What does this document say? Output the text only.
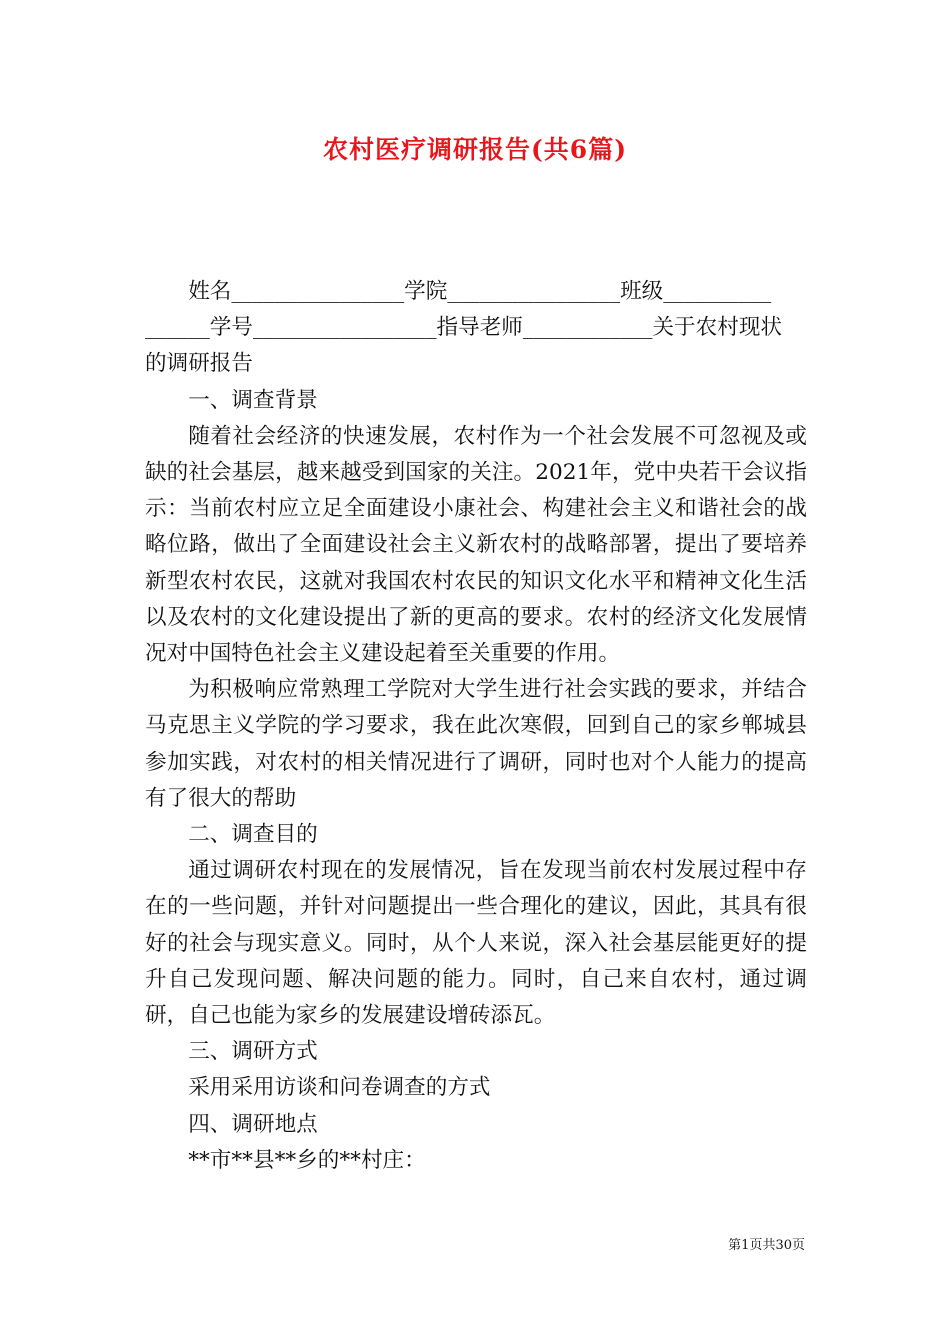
农村医疗调研报告(共6篇)

姓名________________学院________________班级__________

______学号_________________指导老师____________关于农村现状

的调研报告

一、调查背景

随着社会经济的快速发展，农村作为一个社会发展不可忽视及或缺的社会基层，越来越受到国家的关注。2021年，党中央若干会议指示：当前农村应立足全面建设小康社会、构建社会主义和谐社会的战略位路，做出了全面建设社会主义新农村的战略部署，提出了要培养新型农村农民，这就对我国农村农民的知识文化水平和精神文化生活以及农村的文化建设提出了新的更高的要求。农村的经济文化发展情况对中国特色社会主义建设起着至关重要的作用。

为积极响应常熟理工学院对大学生进行社会实践的要求，并结合马克思主义学院的学习要求，我在此次寒假，回到自己的家乡郸城县参加实践，对农村的相关情况进行了调研，同时也对个人能力的提高有了很大的帮助

二、调查目的

通过调研农村现在的发展情况，旨在发现当前农村发展过程中存在的一些问题，并针对问题提出一些合理化的建议，因此，其具有很好的社会与现实意义。同时，从个人来说，深入社会基层能更好的提升自己发现问题、解决问题的能力。同时，自己来自农村，通过调研，自己也能为家乡的发展建设增砖添瓦。

三、调研方式

采用采用访谈和问卷调查的方式

四、调研地点

**市**县**乡的**村庄：

第1页共30页
